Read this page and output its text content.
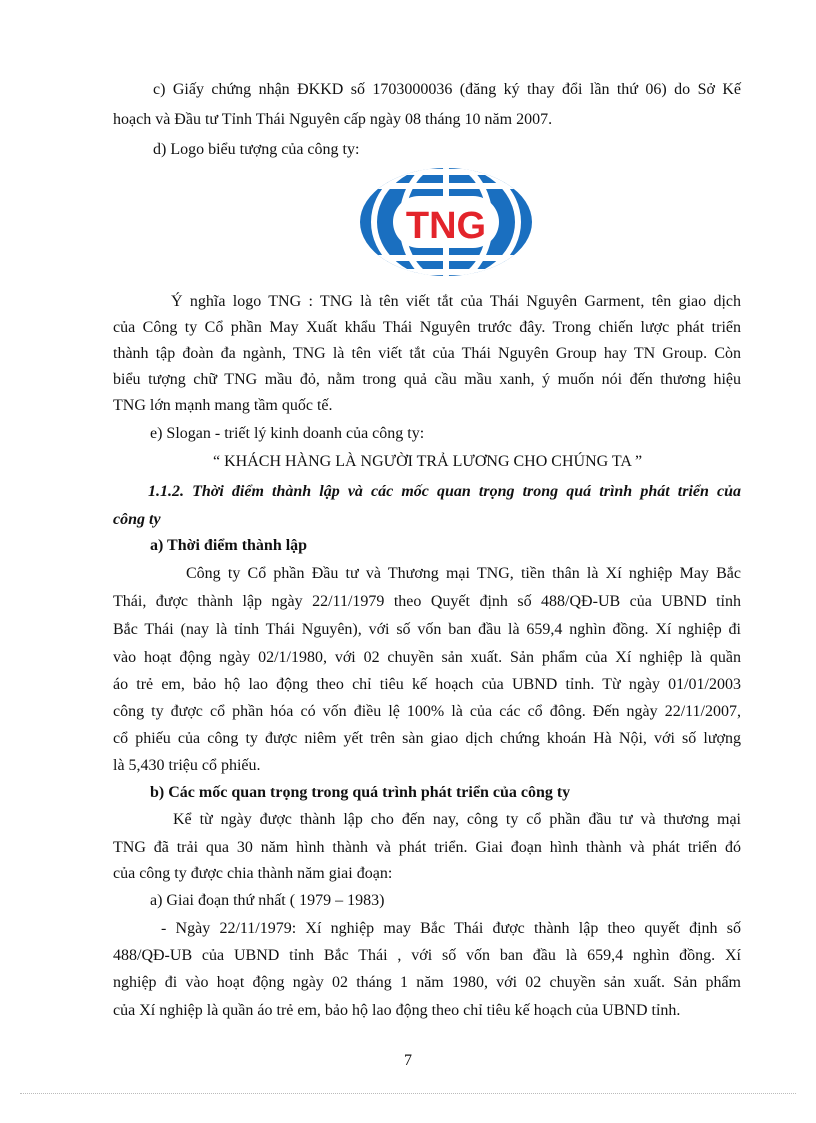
c) Giấy chứng nhận ĐKKD số 1703000036 (đăng ký thay đổi lần thứ 06) do Sở Kế
hoạch và Đầu tư Tỉnh Thái Nguyên cấp ngày 08 tháng 10 năm 2007.
d) Logo biểu tượng của công ty:
TNG
Ý nghĩa logo TNG : TNG là tên viết tắt của Thái Nguyên Garment, tên giao dịch
của Công ty Cổ phần May Xuất khẩu Thái Nguyên trước đây. Trong chiến lược phát triển
thành tập đoàn đa ngành, TNG là tên viết tắt của Thái Nguyên Group hay TN Group. Còn
biểu tượng chữ TNG mầu đỏ, nằm trong quả cầu mầu xanh, ý muốn nói đến thương hiệu
TNG lớn mạnh mang tầm quốc tế.
e) Slogan - triết lý kinh doanh của công ty:
“ KHÁCH HÀNG LÀ NGƯỜI TRẢ LƯƠNG CHO CHÚNG TA ”
1.1.2. Thời điểm thành lập và các mốc quan trọng trong quá trình phát triển của
công ty
a) Thời điểm thành lập
Công ty Cổ phần Đầu tư và Thương mại TNG, tiền thân là Xí nghiệp May Bắc
Thái, được thành lập ngày 22/11/1979 theo Quyết định số 488/QĐ-UB của UBND tỉnh
Bắc Thái (nay là tỉnh Thái Nguyên), với số vốn ban đầu là 659,4 nghìn đồng. Xí nghiệp đi
vào hoạt động ngày 02/1/1980, với 02 chuyền sản xuất. Sản phẩm của Xí nghiệp là quần
áo trẻ em, bảo hộ lao động theo chỉ tiêu kế hoạch của UBND tỉnh. Từ ngày 01/01/2003
công ty được cổ phần hóa có vốn điều lệ 100% là của các cổ đông. Đến ngày 22/11/2007,
cổ phiếu của công ty được niêm yết trên sàn giao dịch chứng khoán Hà Nội, với số lượng
là 5,430 triệu cổ phiếu.
b) Các mốc quan trọng trong quá trình phát triển của công ty
Kể từ ngày được thành lập cho đến nay, công ty cổ phần đầu tư và thương mại
TNG đã trải qua 30 năm hình thành và phát triển. Giai đoạn hình thành và phát triển đó
của công ty được chia thành năm giai đoạn:
a) Giai đoạn thứ nhất ( 1979 – 1983)
- Ngày 22/11/1979: Xí nghiệp may Bắc Thái được thành lập theo quyết định số
488/QĐ-UB của UBND tỉnh Bắc Thái , với số vốn ban đầu là 659,4 nghìn đồng. Xí
nghiệp đi vào hoạt động ngày 02 tháng 1 năm 1980, với 02 chuyền sản xuất. Sản phẩm
của Xí nghiệp là quần áo trẻ em, bảo hộ lao động theo chỉ tiêu kế hoạch của UBND tỉnh.
7
